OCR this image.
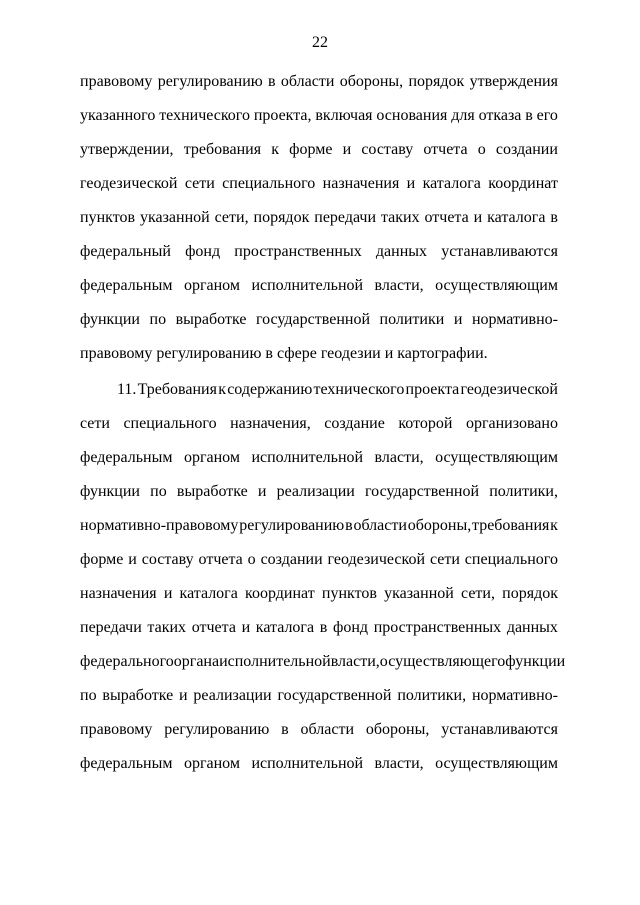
22
правовому регулированию в области обороны, порядок утверждения
указанного технического проекта, включая основания для отказа в его
утверждении, требования к форме и составу отчета о создании
геодезической сети специального назначения и каталога координат
пунктов указанной сети, порядок передачи таких отчета и каталога в
федеральный фонд пространственных данных устанавливаются
федеральным органом исполнительной власти, осуществляющим
функции по выработке государственной политики и нормативно-
правовому регулированию в сфере геодезии и картографии.
11. Требования к содержанию технического проекта геодезической
сети специального назначения, создание которой организовано
федеральным органом исполнительной власти, осуществляющим
функции по выработке и реализации государственной политики,
нормативно-правовому регулированию в области обороны, требования к
форме и составу отчета о создании геодезической сети специального
назначения и каталога координат пунктов указанной сети, порядок
передачи таких отчета и каталога в фонд пространственных данных
федерального органа исполнительной власти, осуществляющего функции
по выработке и реализации государственной политики, нормативно-
правовому регулированию в области обороны, устанавливаются
федеральным органом исполнительной власти, осуществляющим
